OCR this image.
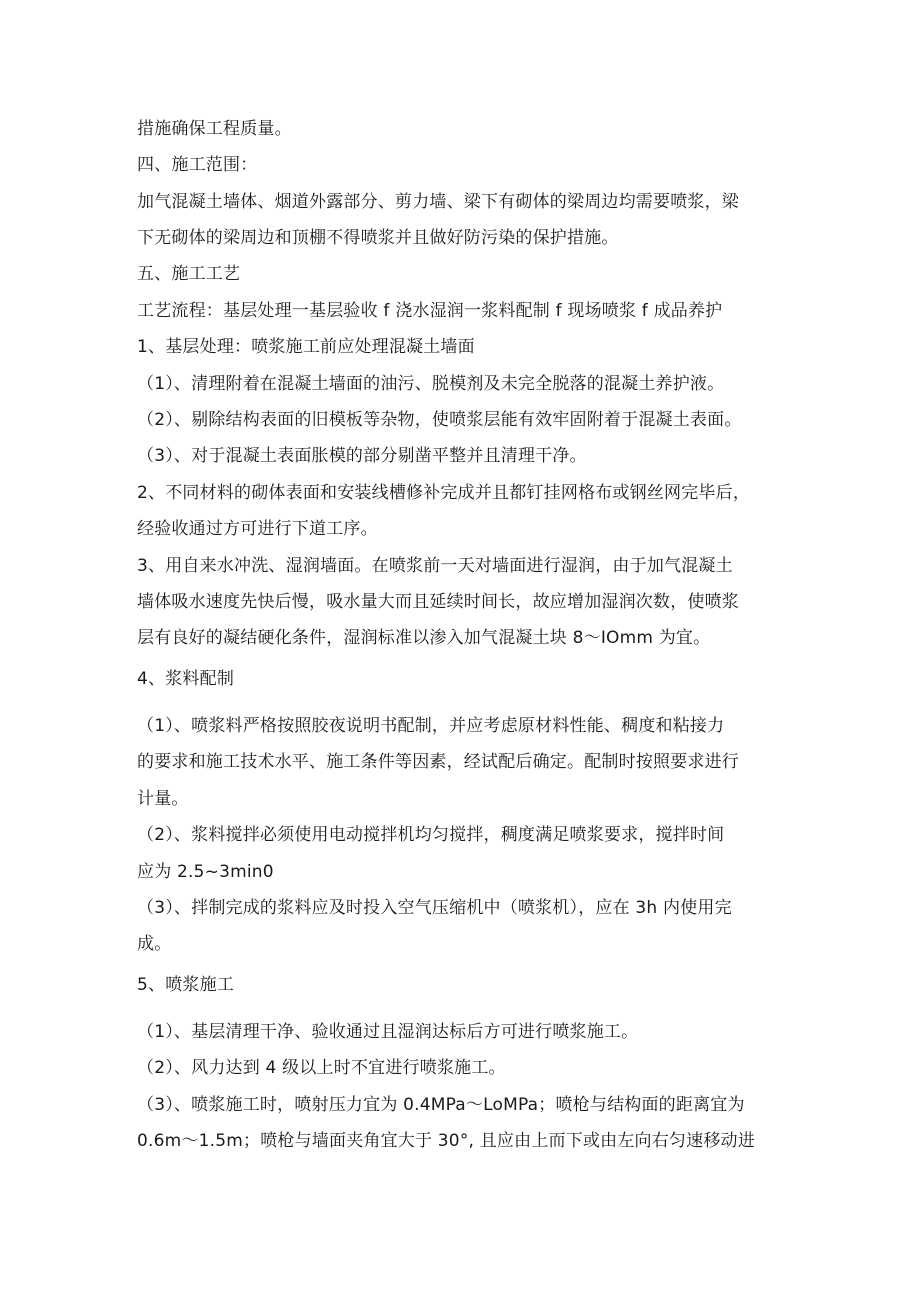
措施确保工程质量。
四、施工范围：
加气混凝土墙体、烟道外露部分、剪力墙、梁下有砌体的梁周边均需要喷浆，梁
下无砌体的梁周边和顶棚不得喷浆并且做好防污染的保护措施。
五、施工工艺
工艺流程：基层处理一基层验收 f 浇水湿润一浆料配制 f 现场喷浆 f 成品养护
1、基层处理：喷浆施工前应处理混凝土墙面
（1）、清理附着在混凝土墙面的油污、脱模剂及未完全脱落的混凝土养护液。
（2）、剔除结构表面的旧模板等杂物，使喷浆层能有效牢固附着于混凝土表面。
（3）、对于混凝土表面胀模的部分剔凿平整并且清理干净。
2、不同材料的砌体表面和安装线槽修补完成并且都钉挂网格布或钢丝网完毕后，
经验收通过方可进行下道工序。
3、用自来水冲洗、湿润墙面。在喷浆前一天对墙面进行湿润，由于加气混凝土
墙体吸水速度先快后慢，吸水量大而且延续时间长，故应增加湿润次数，使喷浆
层有良好的凝结硬化条件，湿润标准以渗入加气混凝土块 8～IOmm 为宜。
4、浆料配制
（1）、喷浆料严格按照胶夜说明书配制，并应考虑原材料性能、稠度和粘接力
的要求和施工技术水平、施工条件等因素，经试配后确定。配制时按照要求进行
计量。
（2）、浆料搅拌必须使用电动搅拌机均匀搅拌，稠度满足喷浆要求，搅拌时间
应为 2.5~3min0
（3）、拌制完成的浆料应及时投入空气压缩机中（喷浆机），应在 3h 内使用完
成。
5、喷浆施工
（1）、基层清理干净、验收通过且湿润达标后方可进行喷浆施工。
（2）、风力达到 4 级以上时不宜进行喷浆施工。
（3）、喷浆施工时，喷射压力宜为 0.4MPa～LoMPa；喷枪与结构面的距离宜为
0.6m～1.5m；喷枪与墙面夹角宜大于 30°, 且应由上而下或由左向右匀速移动进
